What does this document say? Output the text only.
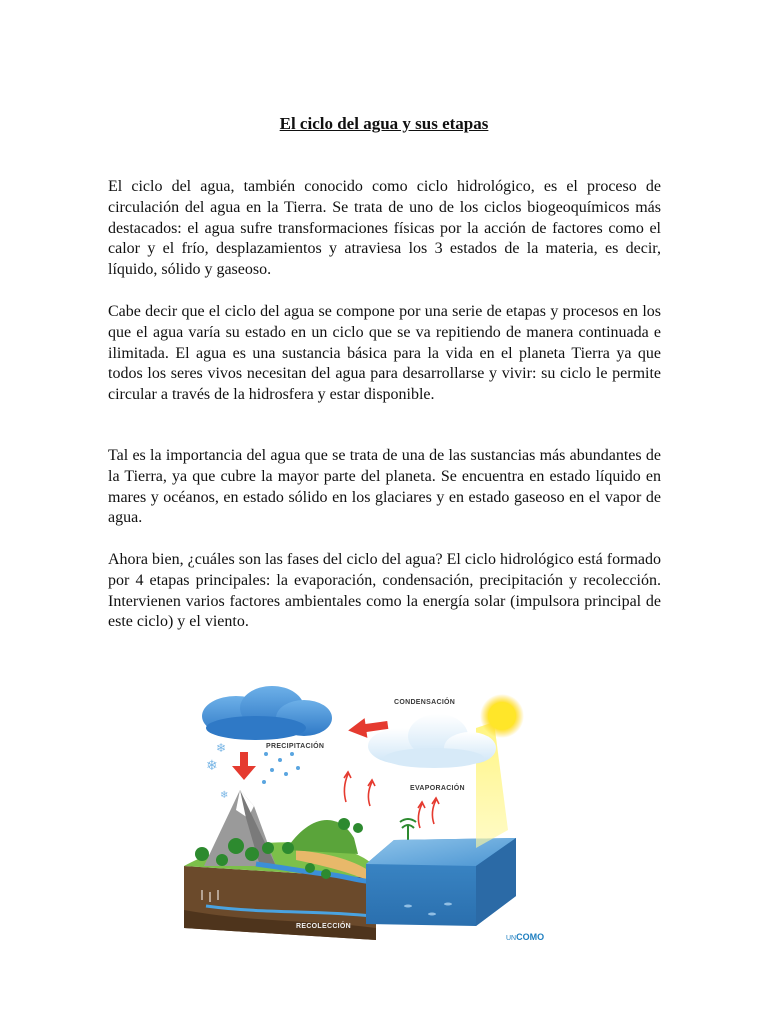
El ciclo del agua y sus etapas

El ciclo del agua, también conocido como ciclo hidrológico, es el proceso de circulación del agua en la Tierra. Se trata de uno de los ciclos biogeoquímicos más destacados: el agua sufre transformaciones físicas por la acción de factores como el calor y el frío, desplazamientos y atraviesa los 3 estados de la materia, es decir, líquido, sólido y gaseoso.

Cabe decir que el ciclo del agua se compone por una serie de etapas y procesos en los que el agua varía su estado en un ciclo que se va repitiendo de manera continuada e ilimitada. El agua es una sustancia básica para la vida en el planeta Tierra ya que todos los seres vivos necesitan del agua para desarrollarse y vivir: su ciclo le permite circular a través de la hidrosfera y estar disponible.

Tal es la importancia del agua que se trata de una de las sustancias más abundantes de la Tierra, ya que cubre la mayor parte del planeta. Se encuentra en estado líquido en mares y océanos, en estado sólido en los glaciares y en estado gaseoso en el vapor de agua.

Ahora bien, ¿cuáles son las fases del ciclo del agua? El ciclo hidrológico está formado por 4 etapas principales: la evaporación, condensación, precipitación y recolección. Intervienen varios factores ambientales como la energía solar (impulsora principal de este ciclo) y el viento.

❄
❄
❄
CONDENSACIÓN
PRECIPITACIÓN
EVAPORACIÓN
RECOLECCIÓN
UNCOMO
